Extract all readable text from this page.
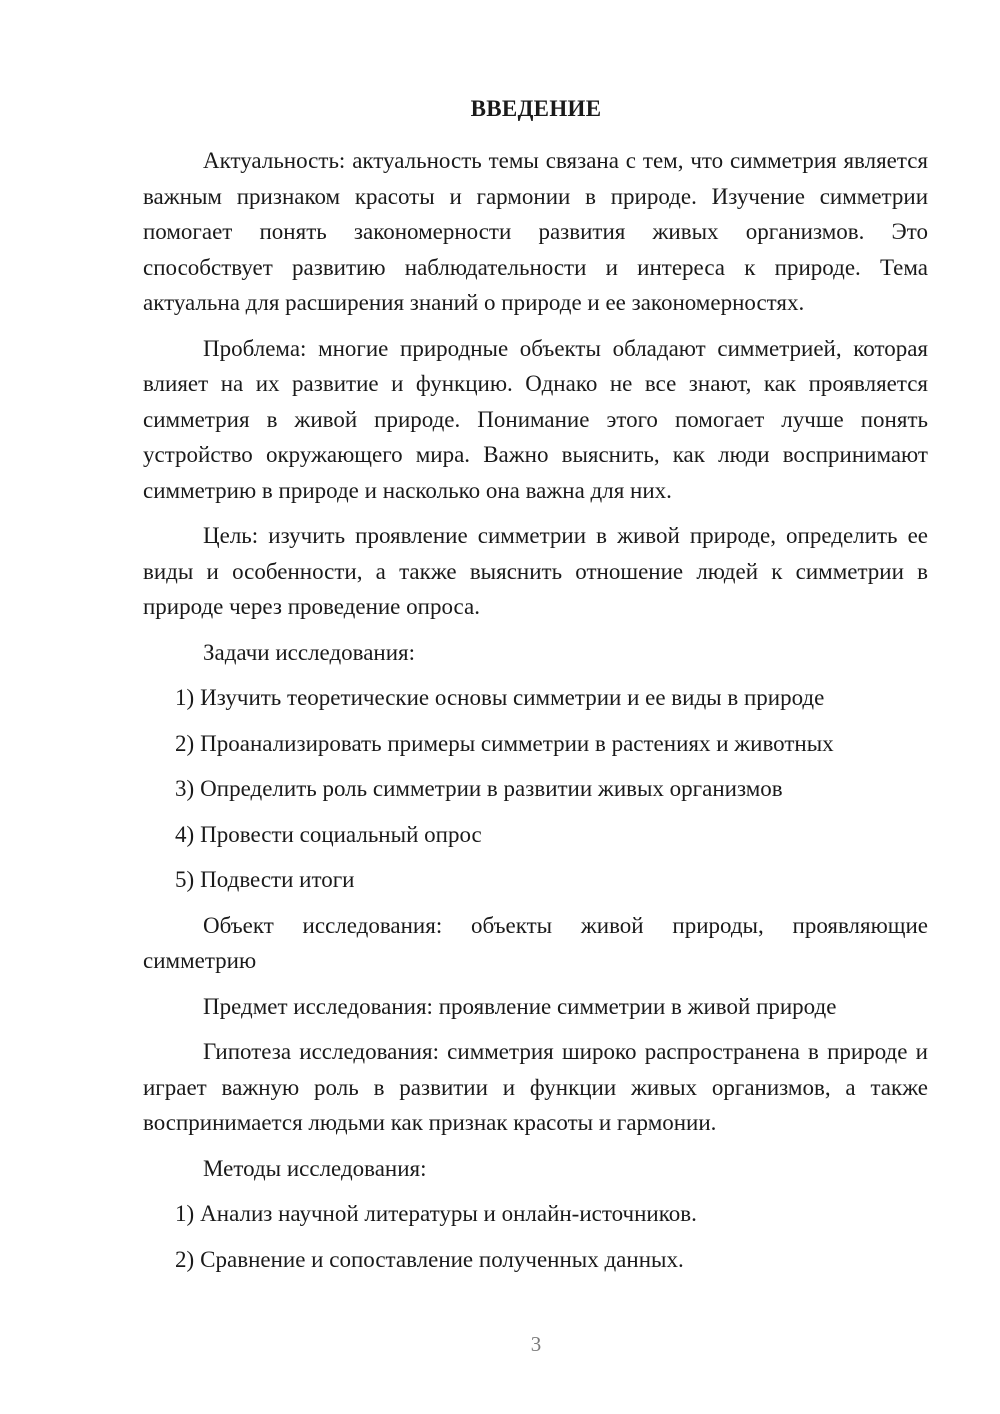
ВВЕДЕНИЕ

Актуальность: актуальность темы связана с тем, что симметрия является важным признаком красоты и гармонии в природе. Изучение симметрии помогает понять закономерности развития живых организмов. Это способствует развитию наблюдательности и интереса к природе. Тема актуальна для расширения знаний о природе и ее закономерностях.

Проблема: многие природные объекты обладают симметрией, которая влияет на их развитие и функцию. Однако не все знают, как проявляется симметрия в живой природе. Понимание этого помогает лучше понять устройство окружающего мира. Важно выяснить, как люди воспринимают симметрию в природе и насколько она важна для них.

Цель: изучить проявление симметрии в живой природе, определить ее виды и особенности, а также выяснить отношение людей к симметрии в природе через проведение опроса.

Задачи исследования:

1) Изучить теоретические основы симметрии и ее виды в природе
2) Проанализировать примеры симметрии в растениях и животных
3) Определить роль симметрии в развитии живых организмов
4) Провести социальный опрос
5) Подвести итоги

Объект исследования: объекты живой природы, проявляющие симметрию

Предмет исследования: проявление симметрии в живой природе

Гипотеза исследования: симметрия широко распространена в природе и играет важную роль в развитии и функции живых организмов, а также воспринимается людьми как признак красоты и гармонии.

Методы исследования:

1) Анализ научной литературы и онлайн-источников.
2) Сравнение и сопоставление полученных данных.
3
